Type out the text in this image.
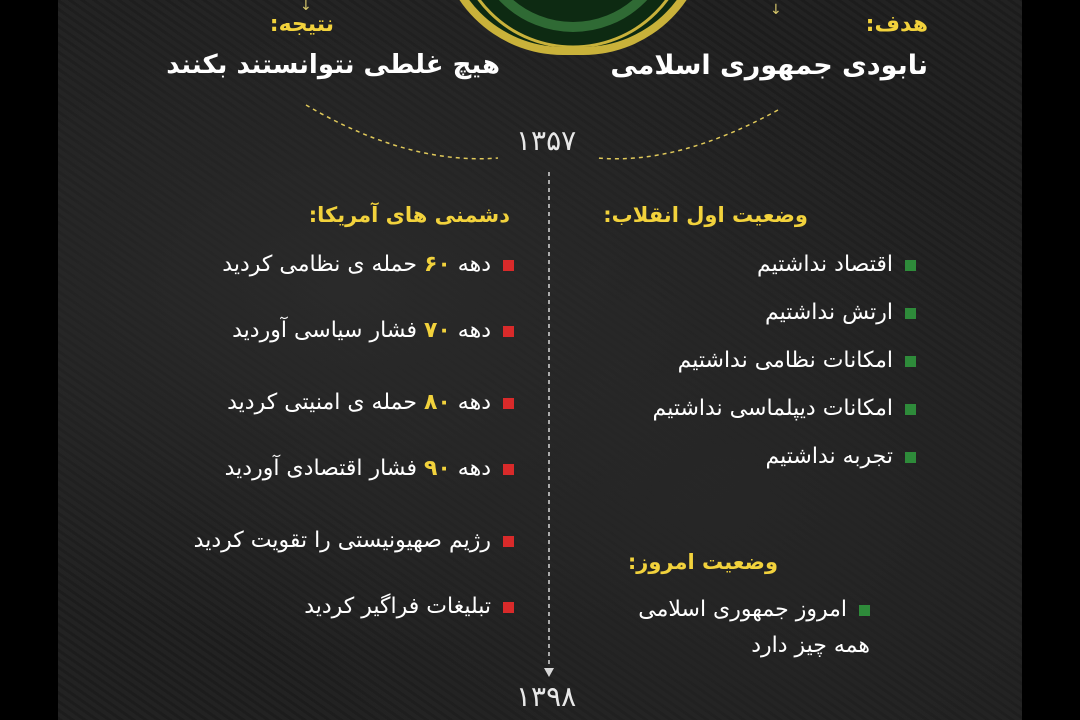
↓	↓
نتیجه:
هیچ غلطی نتوانستند بکنند
هدف:
نابودی جمهوری اسلامی
۱۳۵۷
۱۳۹۸
دشمنی های آمریکا:
دهه ۶۰ حمله ی نظامی کردید
دهه ۷۰ فشار سیاسی آوردید
دهه ۸۰ حمله ی امنیتی کردید
دهه ۹۰ فشار اقتصادی آوردید
رژیم صهیونیستی را تقویت کردید
تبلیغات فراگیر کردید
وضعیت اول انقلاب:
اقتصاد نداشتیم
ارتش نداشتیم
امکانات نظامی نداشتیم
امکانات دیپلماسی نداشتیم
تجربه نداشتیم
وضعیت امروز:
امروز جمهوری اسلامی
همه چیز دارد
